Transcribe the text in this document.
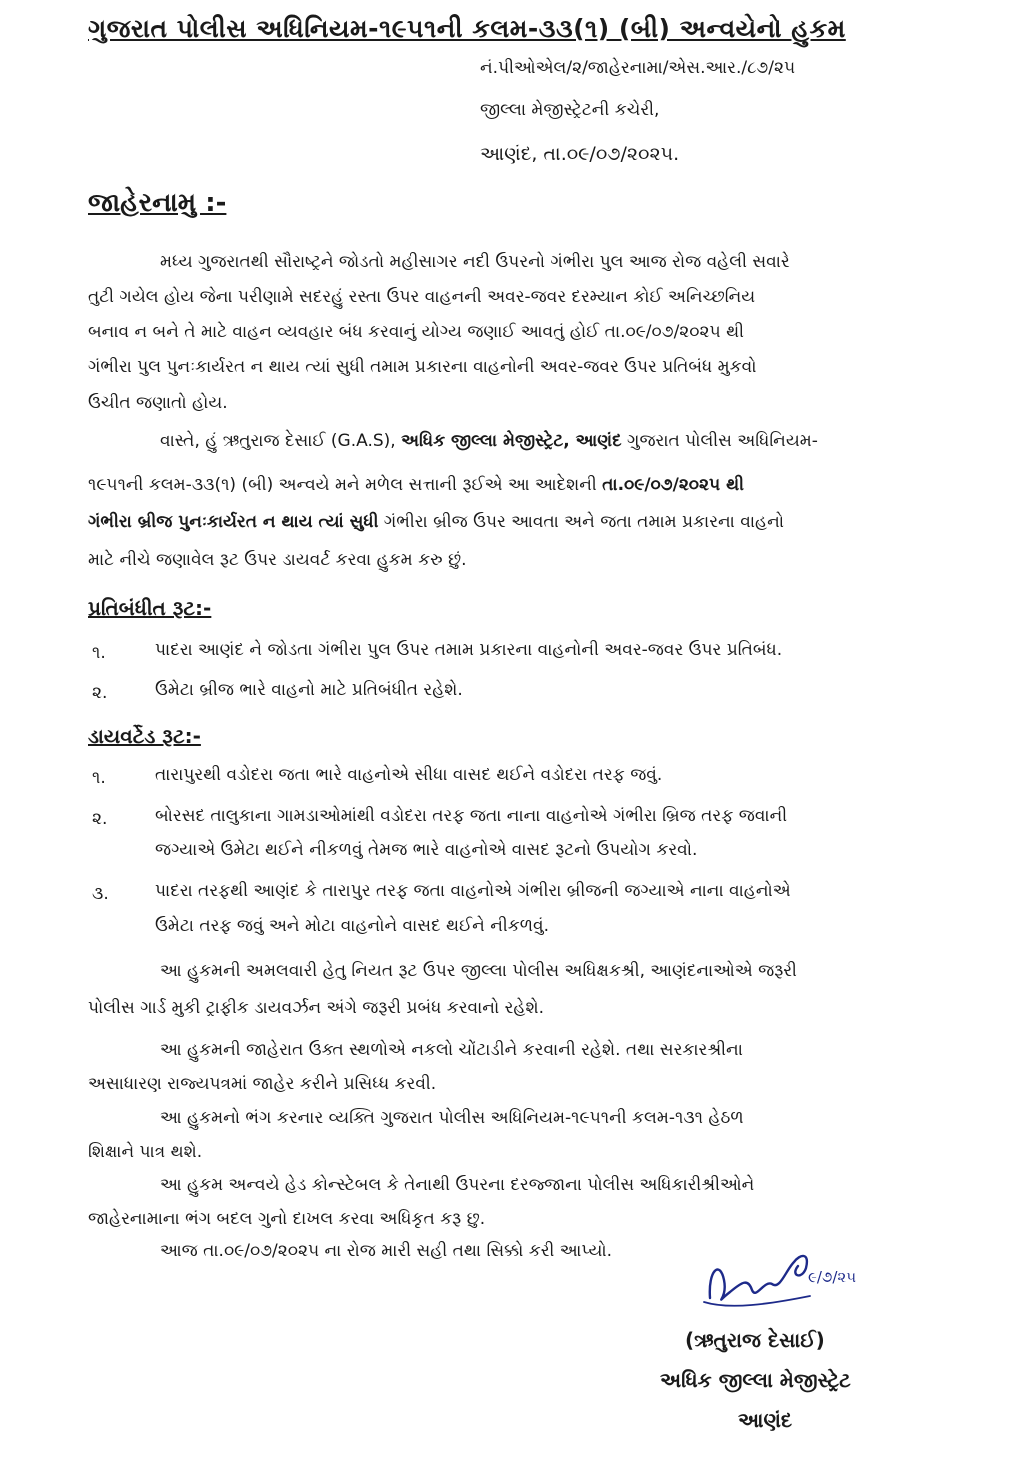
ગુજરાત પોલીસ અધિનિયમ-૧૯૫૧ની કલમ-૩૩(૧) (બી) અન્વયેનો હુકમ
નં.પીઓએલ/૨/જાહેરનામા/એસ.આર./૮૭/૨૫
જીલ્લા મેજીસ્ટ્રેટની કચેરી,
આણંદ, તા.૦૯/૦૭/૨૦૨૫.
જાહેરનામુ :-
મધ્ય ગુજરાતથી સૌરાષ્ટ્રને જોડતો મહીસાગર નદી ઉપરનો ગંભીરા પુલ આજ રોજ વહેલી સવારે
તુટી ગયેલ હોય જેના પરીણામે સદરહું રસ્તા ઉપર વાહનની અવર-જવર દરમ્યાન કોઈ અનિચ્છનિય
બનાવ ન બને તે માટે વાહન વ્યવહાર બંધ કરવાનું યોગ્ય જણાઈ આવતું હોઈ તા.૦૯/૦૭/૨૦૨૫ થી
ગંભીરા પુલ પુનઃકાર્યરત ન થાય ત્યાં સુધી તમામ પ્રકારના વાહનોની અવર-જવર ઉપર પ્રતિબંધ મુકવો
ઉચીત જણાતો હોય.
વાસ્તે, હું ઋતુરાજ દેસાઈ (G.A.S), અધિક જીલ્લા મેજીસ્ટ્રેટ, આણંદ ગુજરાત પોલીસ અધિનિયમ-
૧૯૫૧ની કલમ-૩૩(૧) (બી) અન્વયે મને મળેલ સત્તાની રૂઈએ આ આદેશની તા.૦૯/૦૭/૨૦૨૫ થી
ગંભીરા બ્રીજ પુનઃકાર્યરત ન થાય ત્યાં સુધી ગંભીરા બ્રીજ ઉપર આવતા અને જતા તમામ પ્રકારના વાહનો
માટે નીચે જણાવેલ રૂટ ઉપર ડાયવર્ટ કરવા હુકમ કરુ છું.
પ્રતિબંધીત રૂટ:-
૧.	પાદરા આણંદ ને જોડતા ગંભીરા પુલ ઉપર તમામ પ્રકારના વાહનોની અવર-જવર ઉપર પ્રતિબંધ.
૨.	ઉમેટા બ્રીજ ભારે વાહનો માટે પ્રતિબંધીત રહેશે.
ડાયવર્ટેડ રૂટ:-
૧.	તારાપુરથી વડોદરા જતા ભારે વાહનોએ સીધા વાસદ થઈને વડોદરા તરફ જવું.
૨.	બોરસદ તાલુકાના ગામડાઓમાંથી વડોદરા તરફ જતા નાના વાહનોએ ગંભીરા બ્રિજ તરફ જવાની
જગ્યાએ ઉમેટા થઈને નીકળવું તેમજ ભારે વાહનોએ વાસદ રૂટનો ઉપયોગ કરવો.
૩.	પાદરા તરફથી આણંદ કે તારાપુર તરફ જતા વાહનોએ ગંભીરા બ્રીજની જગ્યાએ નાના વાહનોએ
ઉમેટા તરફ જવું અને મોટા વાહનોને વાસદ થઈને નીકળવું.
આ હુકમની અમલવારી હેતુ નિયત રૂટ ઉપર જીલ્લા પોલીસ અધિક્ષકશ્રી, આણંદનાઓએ જરૂરી
પોલીસ ગાર્ડ મુકી ટ્રાફીક ડાયવર્ઝન અંગે જરૂરી પ્રબંધ કરવાનો રહેશે.
આ હુકમની જાહેરાત ઉક્ત સ્થળોએ નકલો ચોંટાડીને કરવાની રહેશે. તથા સરકારશ્રીના
અસાધારણ રાજ્યપત્રમાં જાહેર કરીને પ્રસિધ્ધ કરવી.
આ હુકમનો ભંગ કરનાર વ્યક્તિ ગુજરાત પોલીસ અધિનિયમ-૧૯૫૧ની કલમ-૧૩૧ હેઠળ
શિક્ષાને પાત્ર થશે.
આ હુકમ અન્વયે હેડ કોન્સ્ટેબલ કે તેનાથી ઉપરના દરજ્જાના પોલીસ અધિકારીશ્રીઓને
જાહેરનામાના ભંગ બદલ ગુનો દાખલ કરવા અધિકૃત કરૂ છુ.
આજ તા.૦૯/૦૭/૨૦૨૫ ના રોજ મારી સહી તથા સિક્કો કરી આપ્યો.
૯/૭/૨૫
(ઋતુરાજ દેસાઈ)
અધિક જીલ્લા મેજીસ્ટ્રેટ
આણંદ
